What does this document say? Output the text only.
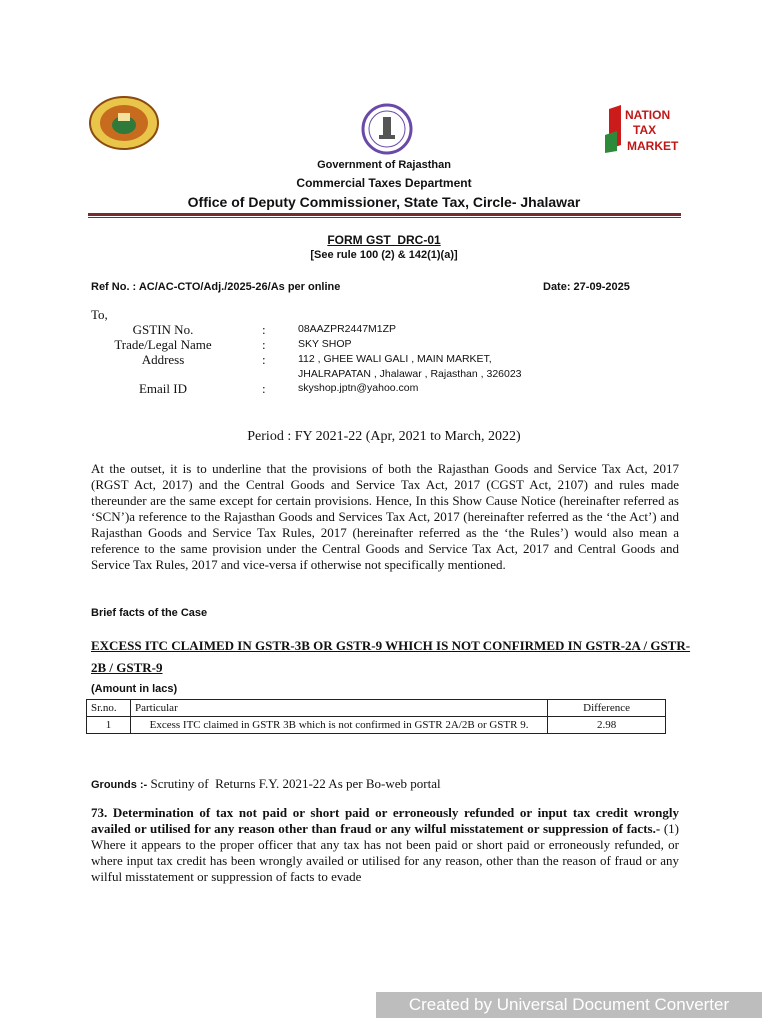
NATION
TAX
MARKET
Government of Rajasthan
Commercial Taxes Department
Office of Deputy Commissioner, State Tax, Circle- Jhalawar
FORM GST  DRC-01
[See rule 100 (2) & 142(1)(a)]
Ref No. : AC/AC-CTO/Adj./2025-26/As per online	Date: 27-09-2025
To,
GSTIN No.	:	08AAZPR2447M1ZP
Trade/Legal Name	:	SKY SHOP
Address	:	112 , GHEE WALI GALI , MAIN MARKET,
JHALRAPATAN , Jhalawar , Rajasthan , 326023
Email ID	:	skyshop.jptn@yahoo.com
Period : FY 2021-22 (Apr, 2021 to March, 2022)
At the outset, it is to underline that the provisions of both the Rajasthan Goods and Service Tax Act, 2017 (RGST Act, 2017) and the Central Goods and Service Tax Act, 2017 (CGST Act, 2107) and rules made thereunder are the same except for certain provisions. Hence, In this Show Cause Notice (hereinafter referred as ‘SCN’)a reference to the Rajasthan Goods and Services Tax Act, 2017 (hereinafter referred as the ‘the Act’) and Rajasthan Goods and Service Tax Rules, 2017 (hereinafter referred as the ‘the Rules’) would also mean a reference to the same provision under the Central Goods and Service Tax Act, 2017 and Central Goods and Service Tax Rules, 2017 and vice-versa if otherwise not specifically mentioned.
Brief facts of the Case
EXCESS ITC CLAIMED IN GSTR-3B OR GSTR-9 WHICH IS NOT CONFIRMED IN GSTR-2A / GSTR-2B / GSTR-9
(Amount in lacs)
Sr.no.	Particular	Difference
1	Excess ITC claimed in GSTR 3B which is not confirmed in GSTR 2A/2B or GSTR 9.	2.98
Grounds :- Scrutiny of  Returns F.Y. 2021-22 As per Bo-web portal
73. Determination of tax not paid or short paid or erroneously refunded or input tax credit wrongly availed or utilised for any reason other than fraud or any wilful misstatement or suppression of facts.- (1) Where it appears to the proper officer that any tax has not been paid or short paid or erroneously refunded, or where input tax credit has been wrongly availed or utilised for any reason, other than the reason of fraud or any wilful misstatement or suppression of facts to evade
Created by Universal Document Converter
